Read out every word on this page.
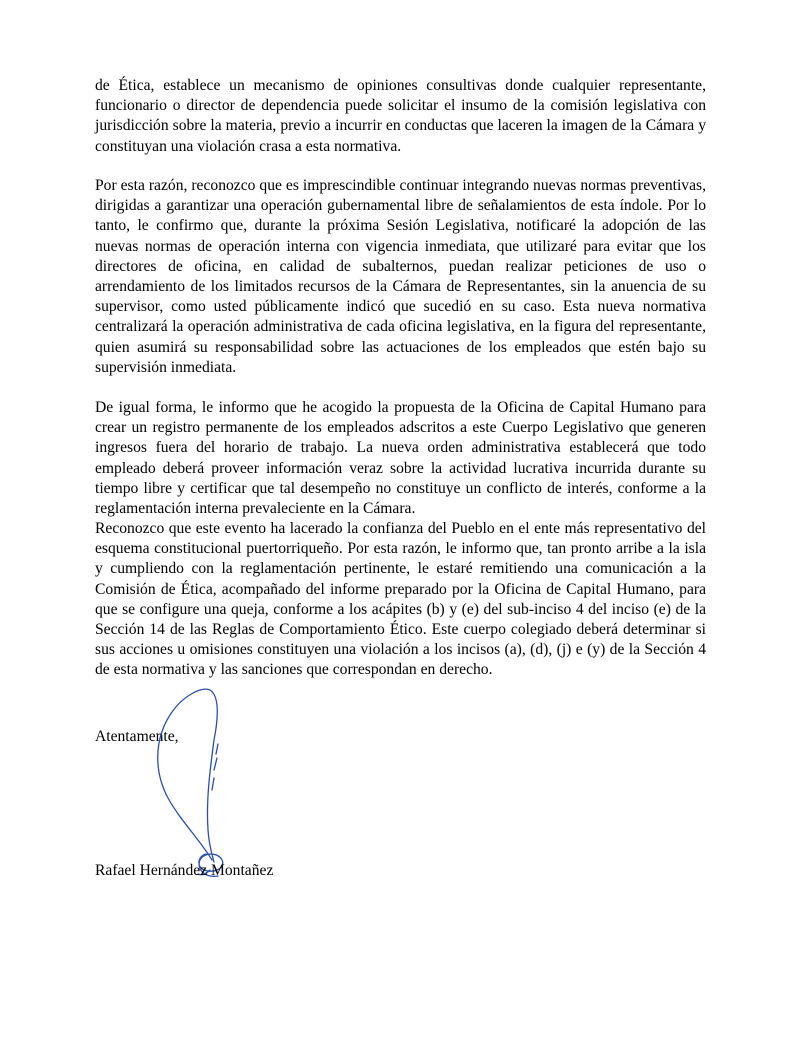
de Ética, establece un mecanismo de opiniones consultivas donde cualquier representante, funcionario o director de dependencia puede solicitar el insumo de la comisión legislativa con jurisdicción sobre la materia, previo a incurrir en conductas que laceren la imagen de la Cámara y constituyan una violación crasa a esta normativa.

Por esta razón, reconozco que es imprescindible continuar integrando nuevas normas preventivas, dirigidas a garantizar una operación gubernamental libre de señalamientos de esta índole. Por lo tanto, le confirmo que, durante la próxima Sesión Legislativa, notificaré la adopción de las nuevas normas de operación interna con vigencia inmediata, que utilizaré para evitar que los directores de oficina, en calidad de subalternos, puedan realizar peticiones de uso o arrendamiento de los limitados recursos de la Cámara de Representantes, sin la anuencia de su supervisor, como usted públicamente indicó que sucedió en su caso. Esta nueva normativa centralizará la operación administrativa de cada oficina legislativa, en la figura del representante, quien asumirá su responsabilidad sobre las actuaciones de los empleados que estén bajo su supervisión inmediata.

De igual forma, le informo que he acogido la propuesta de la Oficina de Capital Humano para crear un registro permanente de los empleados adscritos a este Cuerpo Legislativo que generen ingresos fuera del horario de trabajo. La nueva orden administrativa establecerá que todo empleado deberá proveer información veraz sobre la actividad lucrativa incurrida durante su tiempo libre y certificar que tal desempeño no constituye un conflicto de interés, conforme a la reglamentación interna prevaleciente en la Cámara.

Reconozco que este evento ha lacerado la confianza del Pueblo en el ente más representativo del esquema constitucional puertorriqueño. Por esta razón, le informo que, tan pronto arribe a la isla y cumpliendo con la reglamentación pertinente, le estaré remitiendo una comunicación a la Comisión de Ética, acompañado del informe preparado por la Oficina de Capital Humano, para que se configure una queja, conforme a los acápites (b) y (e) del sub-inciso 4 del inciso (e) de la Sección 14 de las Reglas de Comportamiento Ético. Este cuerpo colegiado deberá determinar si sus acciones u omisiones constituyen una violación a los incisos (a), (d), (j) e (y) de la Sección 4 de esta normativa y las sanciones que correspondan en derecho.

Atentamente,

Rafael Hernández Montañez
